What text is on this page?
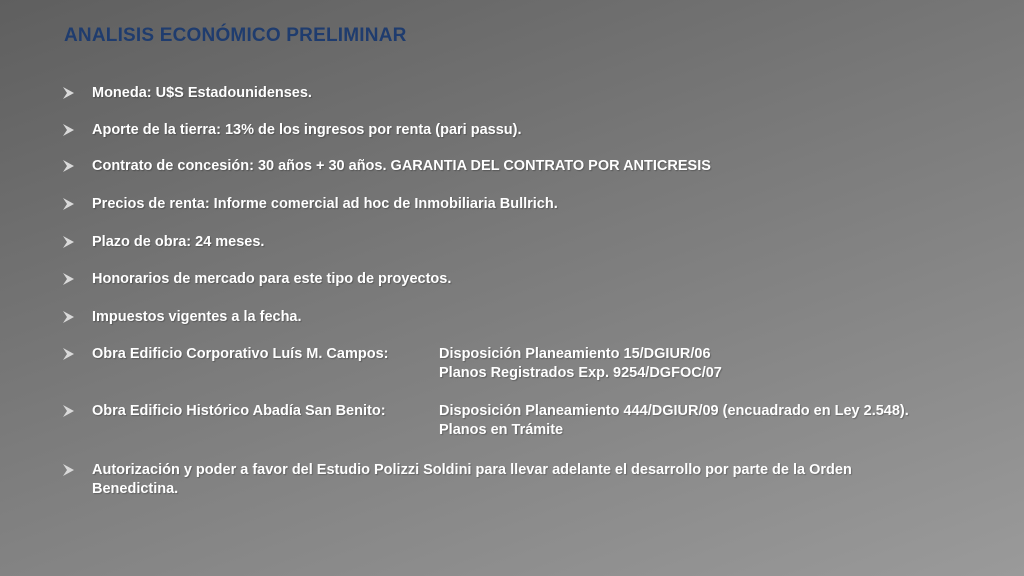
ANALISIS ECONÓMICO PRELIMINAR
Moneda: U$S Estadounidenses.
Aporte de la tierra: 13% de los ingresos por renta (pari passu).
Contrato de concesión: 30 años + 30 años. GARANTIA DEL CONTRATO POR ANTICRESIS
Precios de renta: Informe comercial ad hoc de Inmobiliaria Bullrich.
Plazo de obra: 24 meses.
Honorarios de mercado para este tipo de proyectos.
Impuestos vigentes a la fecha.
Obra Edificio Corporativo Luís M. Campos:	Disposición Planeamiento 15/DGIUR/06
Planos Registrados Exp. 9254/DGFOC/07
Obra Edificio Histórico Abadía San Benito:	Disposición Planeamiento 444/DGIUR/09 (encuadrado en Ley 2.548).
Planos en Trámite
Autorización y poder a favor del Estudio Polizzi Soldini para llevar adelante el desarrollo por parte de la Orden Benedictina.
